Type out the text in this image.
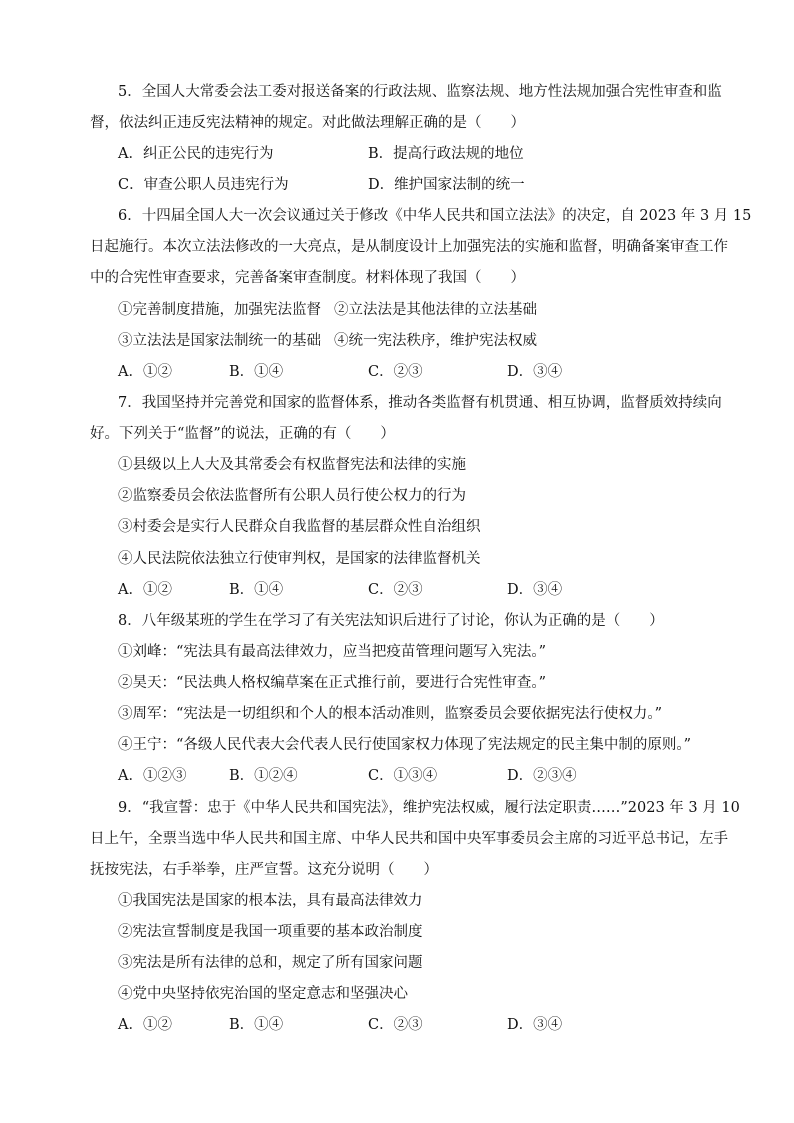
5．全国人大常委会法工委对报送备案的行政法规、监察法规、地方性法规加强合宪性审查和监
督，依法纠正违反宪法精神的规定。对此做法理解正确的是（　　）
A．纠正公民的违宪行为	B．提高行政法规的地位
C．审查公职人员违宪行为	D．维护国家法制的统一
6．十四届全国人大一次会议通过关于修改《中华人民共和国立法法》的决定，自 2023 年 3 月 15
日起施行。本次立法法修改的一大亮点，是从制度设计上加强宪法的实施和监督，明确备案审查工作
中的合宪性审查要求，完善备案审查制度。材料体现了我国（　　）
①完善制度措施，加强宪法监督 ②立法法是其他法律的立法基础
③立法法是国家法制统一的基础 ④统一宪法秩序，维护宪法权威
A．①②	B．①④	C．②③	D．③④
7．我国坚持并完善党和国家的监督体系，推动各类监督有机贯通、相互协调，监督质效持续向
好。下列关于“监督”的说法，正确的有（　　）
①县级以上人大及其常委会有权监督宪法和法律的实施
②监察委员会依法监督所有公职人员行使公权力的行为
③村委会是实行人民群众自我监督的基层群众性自治组织
④人民法院依法独立行使审判权，是国家的法律监督机关
A．①②	B．①④	C．②③	D．③④
8．八年级某班的学生在学习了有关宪法知识后进行了讨论，你认为正确的是（　　）
①刘峰：“宪法具有最高法律效力，应当把疫苗管理问题写入宪法。”
②昊天：“民法典人格权编草案在正式推行前，要进行合宪性审查。”
③周军：“宪法是一切组织和个人的根本活动准则，监察委员会要依据宪法行使权力。”
④王宁：“各级人民代表大会代表人民行使国家权力体现了宪法规定的民主集中制的原则。”
A．①②③	B．①②④	C．①③④	D．②③④
9．“我宣誓：忠于《中华人民共和国宪法》，维护宪法权威，履行法定职责……”2023 年 3 月 10
日上午，全票当选中华人民共和国主席、中华人民共和国中央军事委员会主席的习近平总书记，左手
抚按宪法，右手举拳，庄严宣誓。这充分说明（　　）
①我国宪法是国家的根本法，具有最高法律效力
②宪法宣誓制度是我国一项重要的基本政治制度
③宪法是所有法律的总和，规定了所有国家问题
④党中央坚持依宪治国的坚定意志和坚强决心
A．①②	B．①④	C．②③	D．③④
